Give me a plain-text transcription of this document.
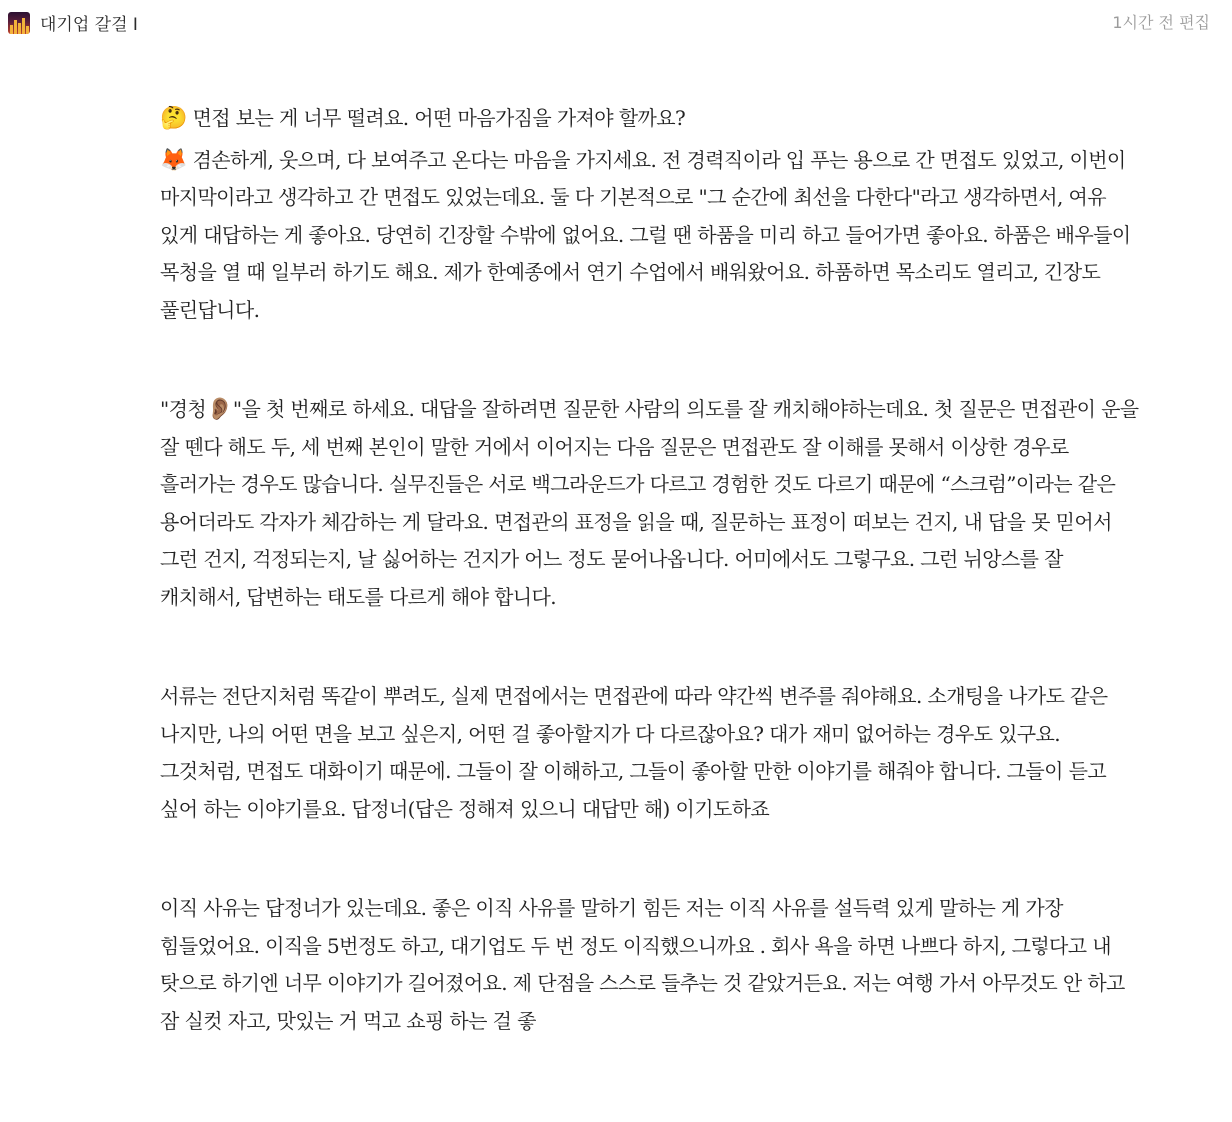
대기업 갈걸 I	1시간 전 편집

🤔 면접 보는 게 너무 떨려요. 어떤 마음가짐을 가져야 할까요?

🦊 겸손하게, 웃으며, 다 보여주고 온다는 마음을 가지세요. 전 경력직이라 입 푸는 용으로 간 면접도 있었고, 이번이 마지막이라고 생각하고 간 면접도 있었는데요. 둘 다 기본적으로 "그 순간에 최선을 다한다"라고 생각하면서, 여유 있게 대답하는 게 좋아요. 당연히 긴장할 수밖에 없어요. 그럴 땐 하품을 미리 하고 들어가면 좋아요. 하품은 배우들이 목청을 열 때 일부러 하기도 해요. 제가 한예종에서 연기 수업에서 배워왔어요. 하품하면 목소리도 열리고, 긴장도 풀린답니다.

"경청👂🏽"을 첫 번째로 하세요. 대답을 잘하려면 질문한 사람의 의도를 잘 캐치해야하는데요. 첫 질문은 면접관이 운을 잘 뗀다 해도 두, 세 번째 본인이 말한 거에서 이어지는 다음 질문은 면접관도 잘 이해를 못해서 이상한 경우로 흘러가는 경우도 많습니다. 실무진들은 서로 백그라운드가 다르고 경험한 것도 다르기 때문에 “스크럼”이라는 같은 용어더라도 각자가 체감하는 게 달라요. 면접관의 표정을 읽을 때, 질문하는 표정이 떠보는 건지, 내 답을 못 믿어서 그런 건지, 걱정되는지, 날 싫어하는 건지가 어느 정도 묻어나옵니다. 어미에서도 그렇구요. 그런 뉘앙스를 잘 캐치해서, 답변하는 태도를 다르게 해야 합니다.

서류는 전단지처럼 똑같이 뿌려도, 실제 면접에서는 면접관에 따라 약간씩 변주를 줘야해요. 소개팅을 나가도 같은 나지만, 나의 어떤 면을 보고 싶은지, 어떤 걸 좋아할지가 다 다르잖아요? 대가 재미 없어하는 경우도 있구요. 그것처럼, 면접도 대화이기 때문에. 그들이 잘 이해하고, 그들이 좋아할 만한 이야기를 해줘야 합니다. 그들이 듣고 싶어 하는 이야기를요. 답정너(답은 정해져 있으니 대답만 해) 이기도하죠

이직 사유는 답정너가 있는데요. 좋은 이직 사유를 말하기 힘든 저는 이직 사유를 설득력 있게 말하는 게 가장 힘들었어요. 이직을 5번정도 하고, 대기업도 두 번 정도 이직했으니까요 . 회사 욕을 하면 나쁘다 하지, 그렇다고 내 탓으로 하기엔 너무 이야기가 길어졌어요. 제 단점을 스스로 들추는 것 같았거든요. 저는 여행 가서 아무것도 안 하고 잠 실컷 자고, 맛있는 거 먹고 쇼핑 하는 걸 좋
